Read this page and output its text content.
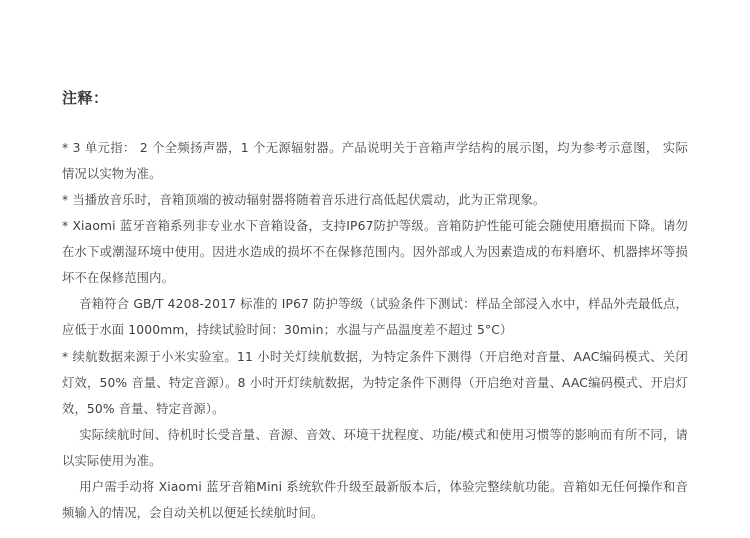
注释：

* 3 单元指： 2 个全频扬声器，1 个无源辐射器。产品说明关于音箱声学结构的展示图，均为参考示意图， 实际情况以实物为准。

* 当播放音乐时，音箱顶端的被动辐射器将随着音乐进行高低起伏震动，此为正常现象。

* Xiaomi 蓝牙音箱系列非专业水下音箱设备，支持IP67防护等级。音箱防护性能可能会随使用磨损而下降。请勿在水下或潮湿环境中使用。因进水造成的损坏不在保修范围内。因外部或人为因素造成的布料磨坏、机器摔坏等损坏不在保修范围内。

音箱符合 GB/T 4208-2017 标准的 IP67 防护等级（试验条件下测试：样品全部浸入水中，样品外壳最低点，应低于水面 1000mm，持续试验时间：30min；水温与产品温度差不超过 5°C）

* 续航数据来源于小米实验室。11 小时关灯续航数据，为特定条件下测得（开启绝对音量、AAC编码模式、关闭灯效，50% 音量、特定音源）。8 小时开灯续航数据，为特定条件下测得（开启绝对音量、AAC编码模式、开启灯效，50% 音量、特定音源）。

实际续航时间、待机时长受音量、音源、音效、环境干扰程度、功能/模式和使用习惯等的影响而有所不同，请以实际使用为准。

用户需手动将 Xiaomi 蓝牙音箱Mini 系统软件升级至最新版本后，体验完整续航功能。音箱如无任何操作和音频输入的情况，会自动关机以便延长续航时间。
